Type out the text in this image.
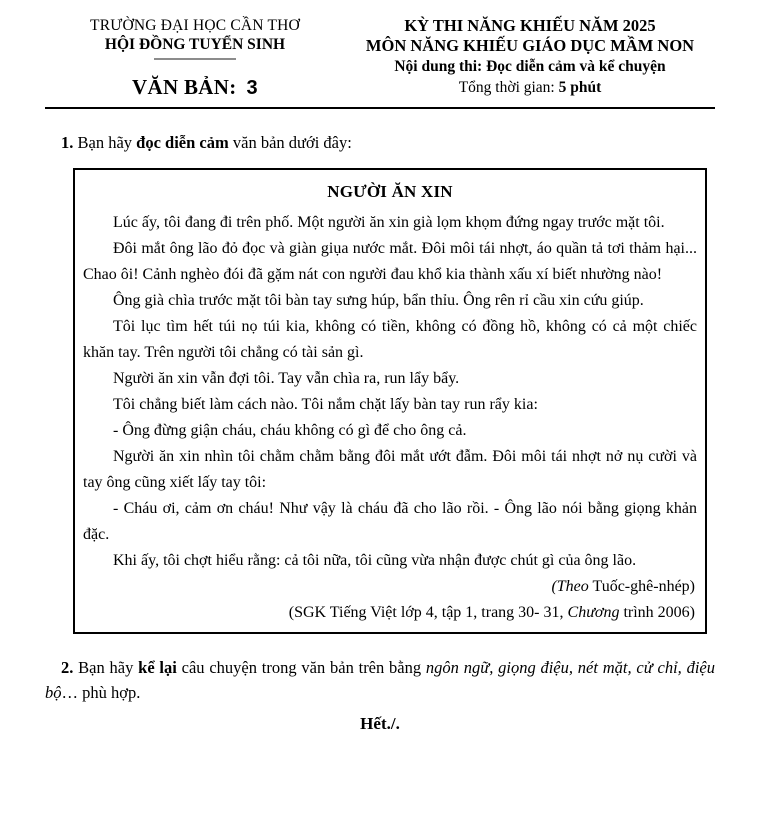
TRƯỜNG ĐẠI HỌC CẦN THƠ
HỘI ĐỒNG TUYỂN SINH
VĂN BẢN: 3
KỲ THI NĂNG KHIẾU NĂM 2025
MÔN NĂNG KHIẾU GIÁO DỤC MẦM NON
Nội dung thi: Đọc diễn cảm và kể chuyện
Tổng thời gian: 5 phút

1. Bạn hãy đọc diễn cảm văn bản dưới đây:

NGƯỜI ĂN XIN

Lúc ấy, tôi đang đi trên phố. Một người ăn xin già lọm khọm đứng ngay trước mặt tôi.

Đôi mắt ông lão đỏ đọc và giàn giụa nước mắt. Đôi môi tái nhợt, áo quần tả tơi thảm hại... Chao ôi! Cảnh nghèo đói đã gặm nát con người đau khổ kia thành xấu xí biết nhường nào!

Ông già chìa trước mặt tôi bàn tay sưng húp, bẩn thỉu. Ông rên rỉ cầu xin cứu giúp.

Tôi lục tìm hết túi nọ túi kia, không có tiền, không có đồng hồ, không có cả một chiếc khăn tay. Trên người tôi chẳng có tài sản gì.

Người ăn xin vẫn đợi tôi. Tay vẫn chìa ra, run lẩy bẩy.

Tôi chẳng biết làm cách nào. Tôi nắm chặt lấy bàn tay run rẩy kia:

- Ông đừng giận cháu, cháu không có gì để cho ông cả.

Người ăn xin nhìn tôi chằm chằm bằng đôi mắt ướt đẫm. Đôi môi tái nhợt nở nụ cười và tay ông cũng xiết lấy tay tôi:

- Cháu ơi, cảm ơn cháu! Như vậy là cháu đã cho lão rồi. - Ông lão nói bằng giọng khản đặc.

Khi ấy, tôi chợt hiểu rằng: cả tôi nữa, tôi cũng vừa nhận được chút gì của ông lão.

(Theo Tuốc-ghê-nhép)

(SGK Tiếng Việt lớp 4, tập 1, trang 30- 31, Chương trình 2006)

2. Bạn hãy kể lại câu chuyện trong văn bản trên bằng ngôn ngữ, giọng điệu, nét mặt, cử chỉ, điệu bộ… phù hợp.

Hết./.
